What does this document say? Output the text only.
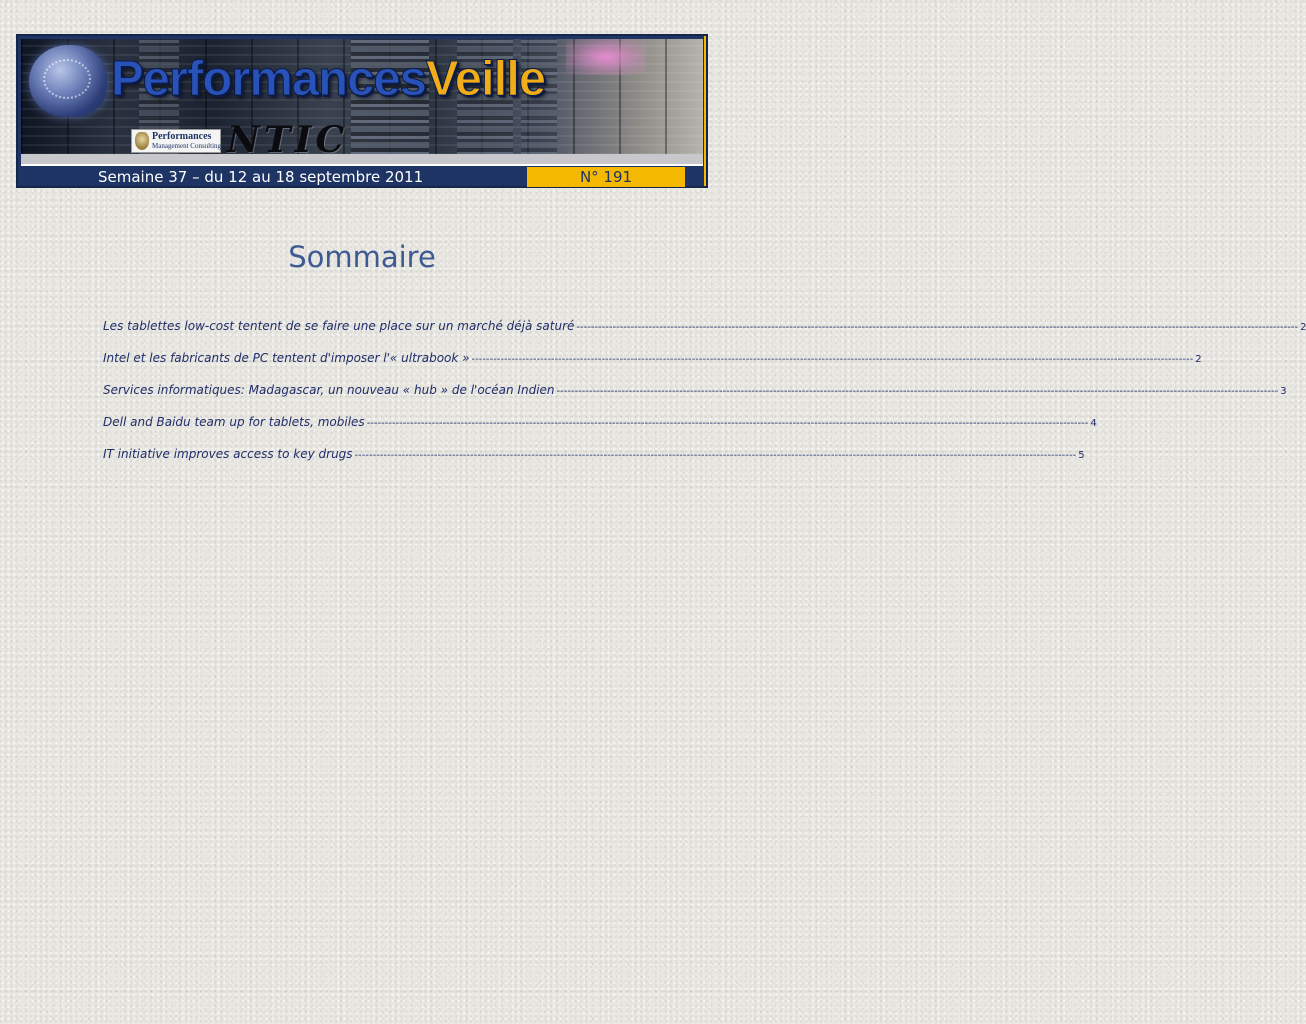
PerformancesVeille
Performances
Management Consulting NTIC
Semaine 37 – du 12 au 18 septembre 2011	N° 191
Sommaire
Les tablettes low-cost tentent de se faire une place sur un marché déjà saturé -------------------------------------------------------------------------------------------------------------------------------------------------------------------------------------------------------- 2
Intel et les fabricants de PC tentent d'imposer l'« ultrabook » -------------------------------------------------------------------------------------------------------------------------------------------------------------------------------------------------------- 2
Services informatiques: Madagascar, un nouveau « hub » de l'océan Indien -------------------------------------------------------------------------------------------------------------------------------------------------------------------------------------------------------- 3
Dell and Baidu team up for tablets, mobiles -------------------------------------------------------------------------------------------------------------------------------------------------------------------------------------------------------- 4
IT initiative improves access to key drugs -------------------------------------------------------------------------------------------------------------------------------------------------------------------------------------------------------- 5
